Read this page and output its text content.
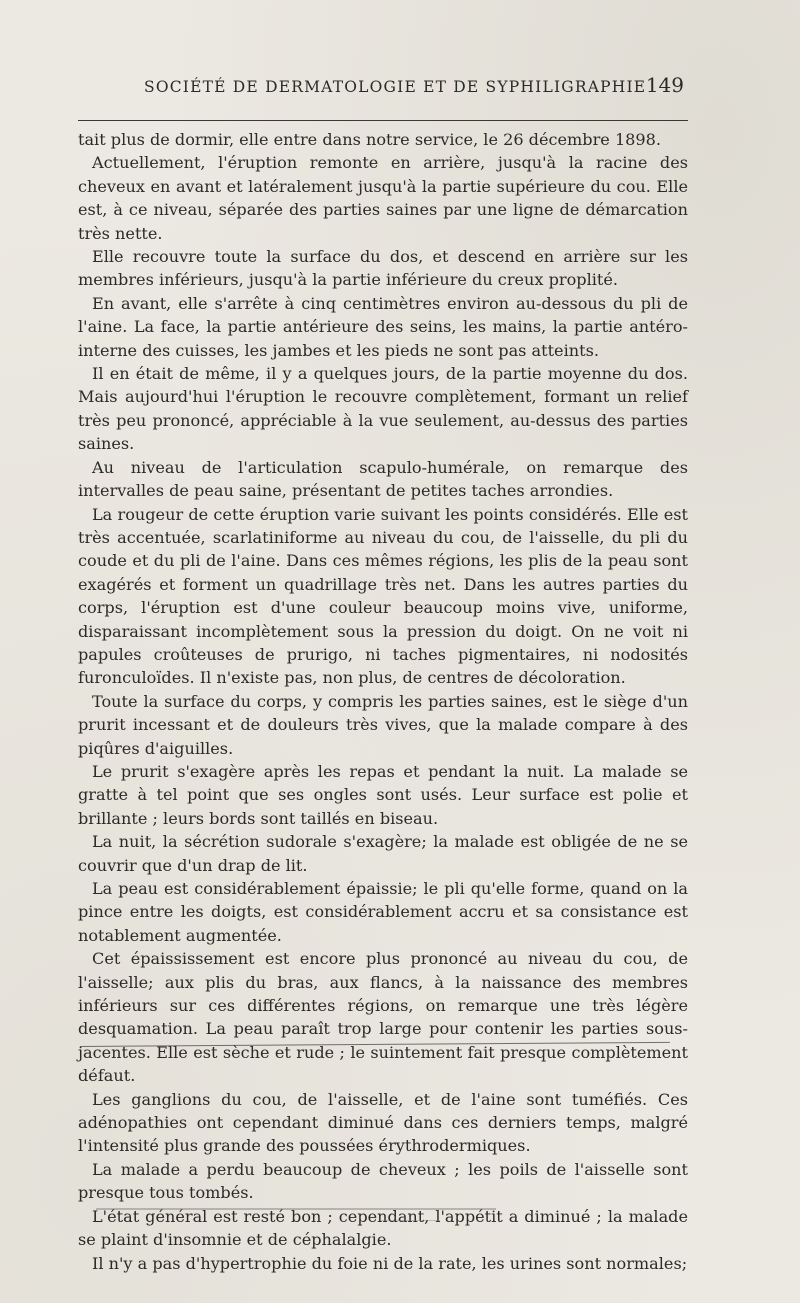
SOCIÉTÉ DE DERMATOLOGIE ET DE SYPHILIGRAPHIE 149

tait plus de dormir, elle entre dans notre service, le 26 décembre 1898.

Actuellement, l'éruption remonte en arrière, jusqu'à la racine des cheveux en avant et latéralement jusqu'à la partie supérieure du cou. Elle est, à ce niveau, séparée des parties saines par une ligne de démarcation très nette.

Elle recouvre toute la surface du dos, et descend en arrière sur les membres inférieurs, jusqu'à la partie inférieure du creux proplité.

En avant, elle s'arrête à cinq centimètres environ au-dessous du pli de l'aine. La face, la partie antérieure des seins, les mains, la partie antéro-interne des cuisses, les jambes et les pieds ne sont pas atteints.

Il en était de même, il y a quelques jours, de la partie moyenne du dos. Mais aujourd'hui l'éruption le recouvre complètement, formant un relief très peu prononcé, appréciable à la vue seulement, au-dessus des parties saines.

Au niveau de l'articulation scapulo-humérale, on remarque des intervalles de peau saine, présentant de petites taches arrondies.

La rougeur de cette éruption varie suivant les points considérés. Elle est très accentuée, scarlatiniforme au niveau du cou, de l'aisselle, du pli du coude et du pli de l'aine. Dans ces mêmes régions, les plis de la peau sont exagérés et forment un quadrillage très net. Dans les autres parties du corps, l'éruption est d'une couleur beaucoup moins vive, uniforme, disparaissant incomplètement sous la pression du doigt. On ne voit ni papules croûteuses de prurigo, ni taches pigmentaires, ni nodosités furonculoïdes. Il n'existe pas, non plus, de centres de décoloration.

Toute la surface du corps, y compris les parties saines, est le siège d'un prurit incessant et de douleurs très vives, que la malade compare à des piqûres d'aiguilles.

Le prurit s'exagère après les repas et pendant la nuit. La malade se gratte à tel point que ses ongles sont usés. Leur surface est polie et brillante ; leurs bords sont taillés en biseau.

La nuit, la sécrétion sudorale s'exagère; la malade est obligée de ne se couvrir que d'un drap de lit.

La peau est considérablement épaissie; le pli qu'elle forme, quand on la pince entre les doigts, est considérablement accru et sa consistance est notablement augmentée.

Cet épaississement est encore plus prononcé au niveau du cou, de l'aisselle; aux plis du bras, aux flancs, à la naissance des membres inférieurs sur ces différentes régions, on remarque une très légère desquamation. La peau paraît trop large pour contenir les parties sous-jacentes. Elle est sèche et rude ; le suintement fait presque complètement défaut.

Les ganglions du cou, de l'aisselle, et de l'aine sont tuméfiés. Ces adénopathies ont cependant diminué dans ces derniers temps, malgré l'intensité plus grande des poussées érythrodermiques.

La malade a perdu beaucoup de cheveux ; les poils de l'aisselle sont presque tous tombés.

L'état général est resté bon ; cependant, l'appétit a diminué ; la malade se plaint d'insomnie et de céphalalgie.

Il n'y a pas d'hypertrophie du foie ni de la rate, les urines sont normales;
